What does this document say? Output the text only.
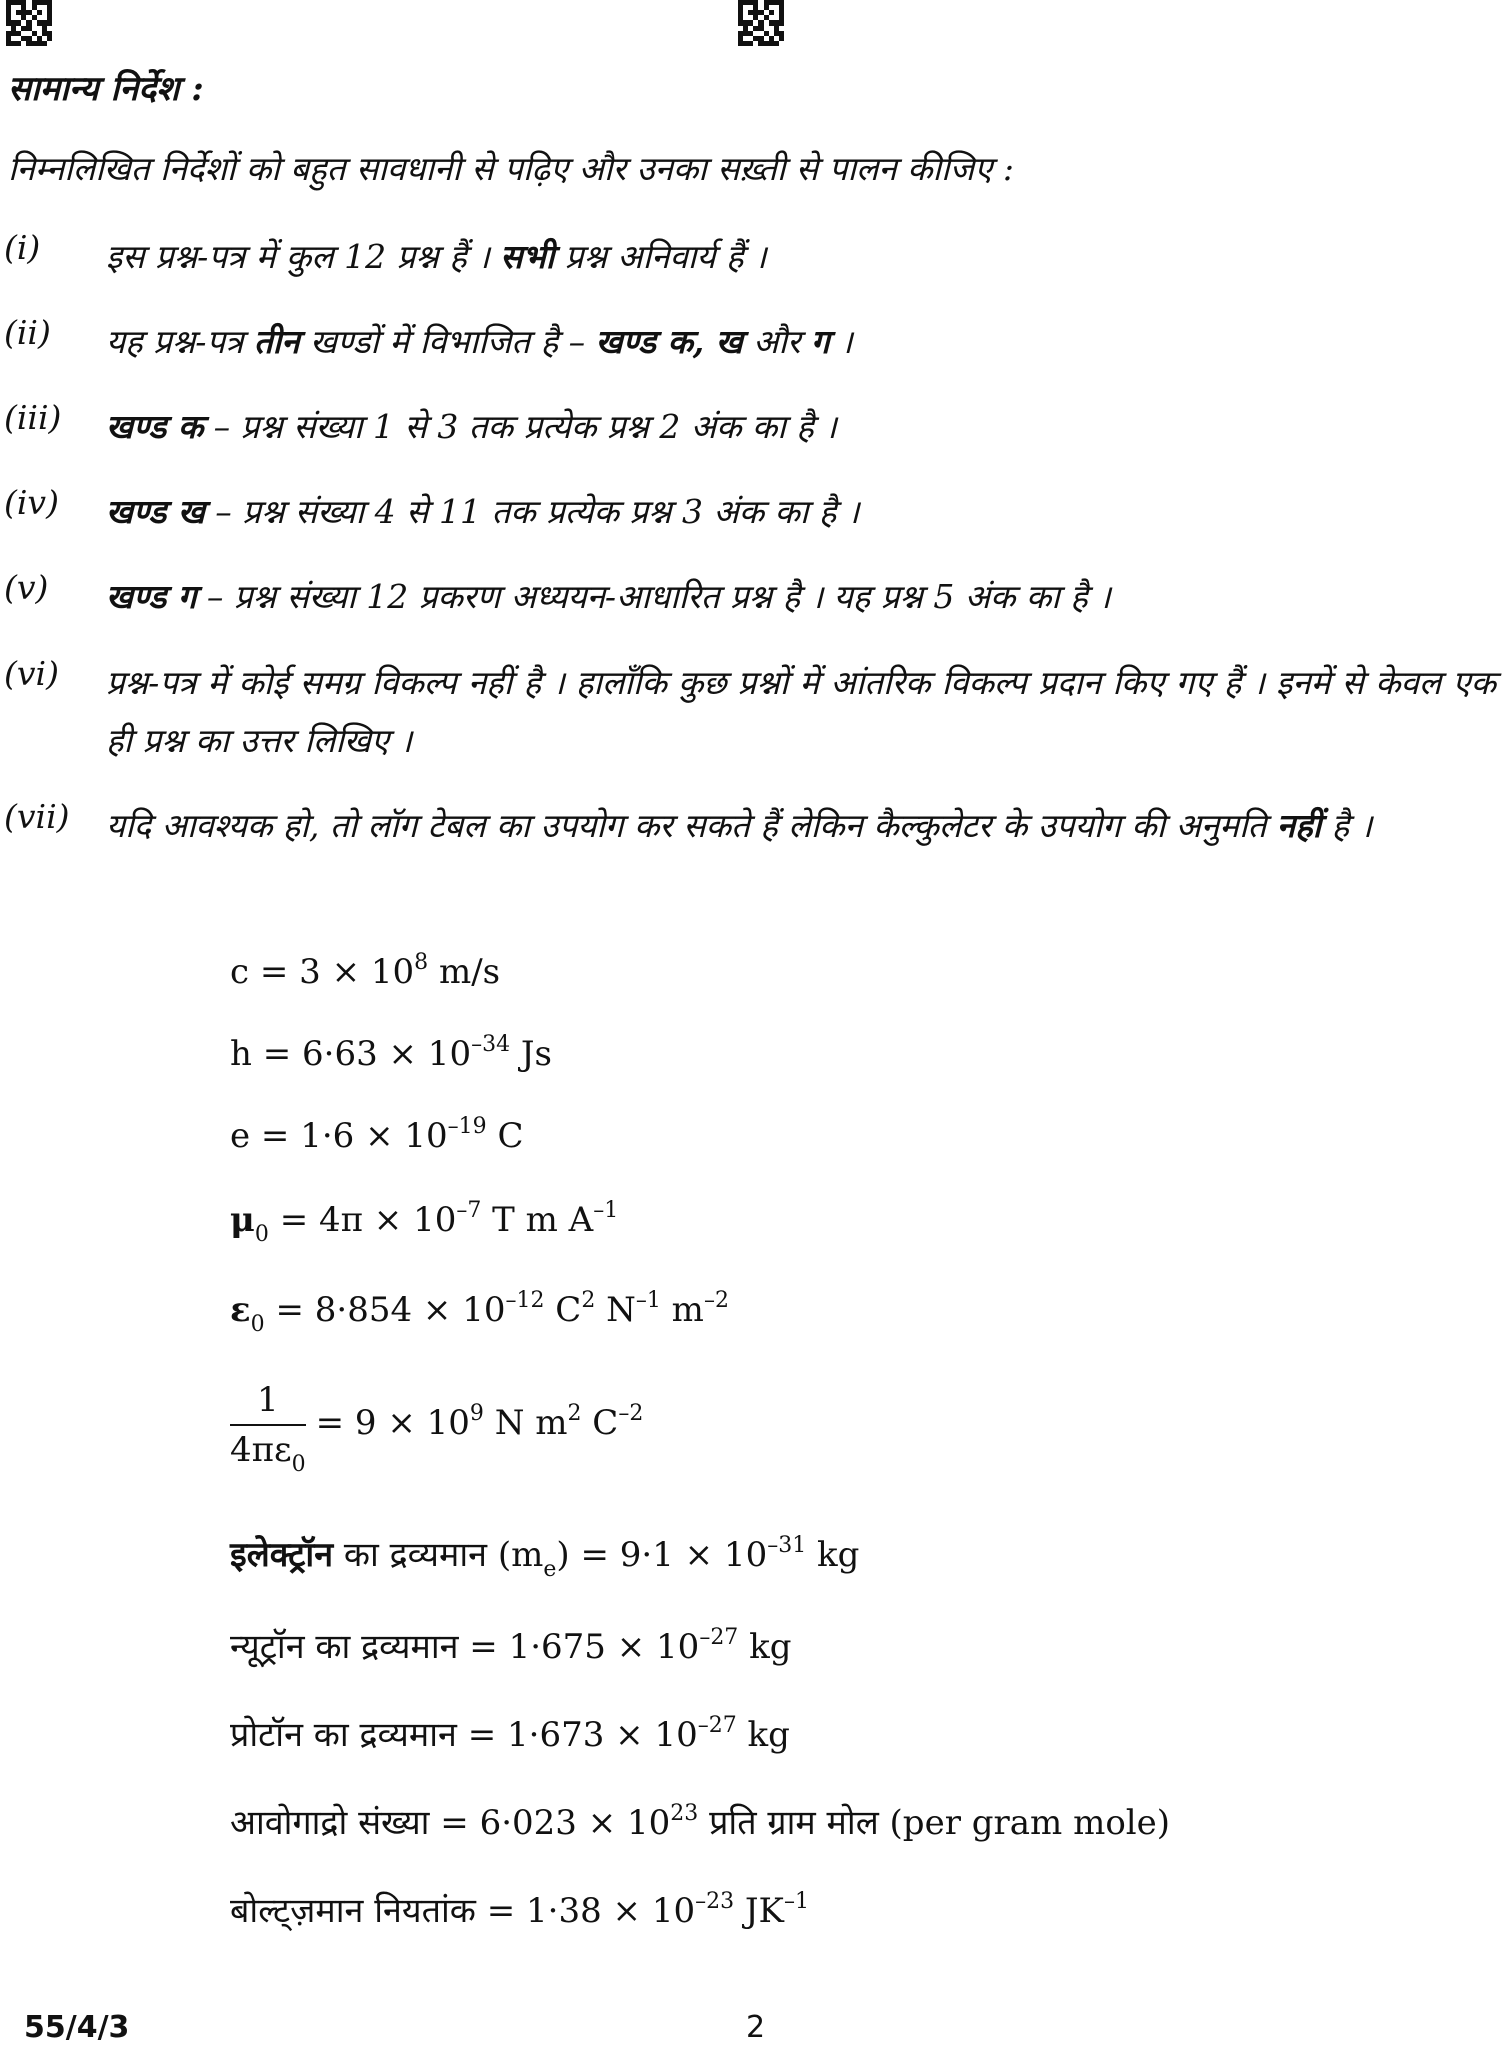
सामान्य निर्देश :
निम्नलिखित निर्देशों को बहुत सावधानी से पढ़िए और उनका सख़्ती से पालन कीजिए :
(i) इस प्रश्न-पत्र में कुल 12 प्रश्न हैं । सभी प्रश्न अनिवार्य हैं ।
(ii) यह प्रश्न-पत्र तीन खण्डों में विभाजित है – खण्ड क, ख और ग ।
(iii) खण्ड क – प्रश्न संख्या 1 से 3 तक प्रत्येक प्रश्न 2 अंक का है ।
(iv) खण्ड ख – प्रश्न संख्या 4 से 11 तक प्रत्येक प्रश्न 3 अंक का है ।
(v) खण्ड ग – प्रश्न संख्या 12 प्रकरण अध्ययन-आधारित प्रश्न है । यह प्रश्न 5 अंक का है ।
(vi) प्रश्न-पत्र में कोई समग्र विकल्प नहीं है । हालाँकि कुछ प्रश्नों में आंतरिक विकल्प प्रदान किए गए हैं । इनमें से केवल एक ही प्रश्न का उत्तर लिखिए ।
(vii) यदि आवश्यक हो, तो लॉग टेबल का उपयोग कर सकते हैं लेकिन कैल्कुलेटर के उपयोग की अनुमति नहीं है ।
$c = 3 \times 10^8$ m/s
$h = 6\cdot 63 \times 10^{-34}$ Js
$e = 1\cdot 6 \times 10^{-19}$ C
$\mu_0 = 4\pi \times 10^{-7}$ T m $A^{-1}$
$\varepsilon_0 = 8\cdot 854 \times 10^{-12}$ $C^2$ $N^{-1}$ $m^{-2}$
$\frac{1}{4\pi\varepsilon_0} = 9 \times 10^9$ N $m^2$ $C^{-2}$
इलेक्ट्रॉन का द्रव्यमान $(m_e) = 9\cdot 1 \times 10^{-31}$ kg
न्यूट्रॉन का द्रव्यमान = $1\cdot 675 \times 10^{-27}$ kg
प्रोटॉन का द्रव्यमान = $1\cdot 673 \times 10^{-27}$ kg
आवोगाद्रो संख्या = $6\cdot 023 \times 10^{23}$ प्रति ग्राम मोल (per gram mole)
बोल्ट्ज़मान नियतांक = $1\cdot 38 \times 10^{-23}$ $JK^{-1}$
55/4/3	2
